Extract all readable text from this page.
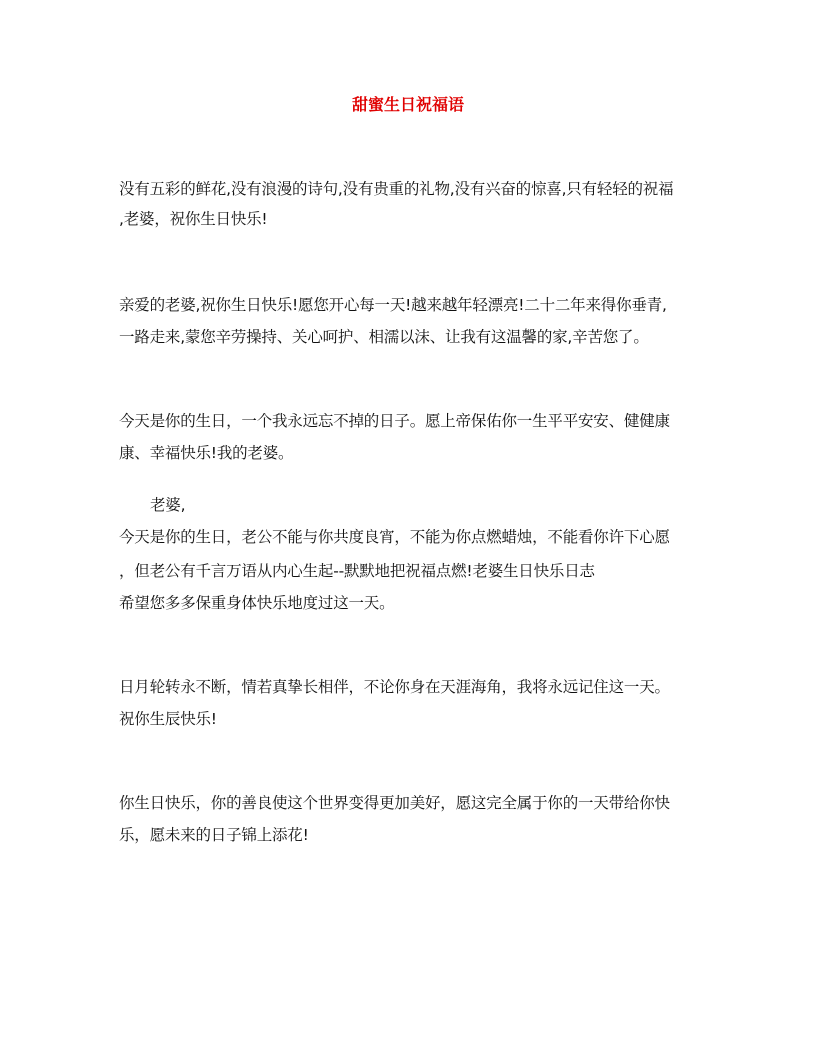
甜蜜生日祝福语
没有五彩的鲜花,没有浪漫的诗句,没有贵重的礼物,没有兴奋的惊喜,只有轻轻的祝福
,老婆，祝你生日快乐!
亲爱的老婆,祝你生日快乐!愿您开心每一天!越来越年轻漂亮!二十二年来得你垂青,
一路走来,蒙您辛劳操持、关心呵护、相濡以沫、让我有这温馨的家,辛苦您了。
今天是你的生日，一个我永远忘不掉的日子。愿上帝保佑你一生平平安安、健健康
康、幸福快乐!我的老婆。
老婆,
今天是你的生日，老公不能与你共度良宵，不能为你点燃蜡烛，不能看你许下心愿
，但老公有千言万语从内心生起--默默地把祝福点燃!老婆生日快乐日志
希望您多多保重身体快乐地度过这一天。
日月轮转永不断，情若真挚长相伴，不论你身在天涯海角，我将永远记住这一天。
祝你生辰快乐!
你生日快乐，你的善良使这个世界变得更加美好，愿这完全属于你的一天带给你快
乐，愿未来的日子锦上添花!
